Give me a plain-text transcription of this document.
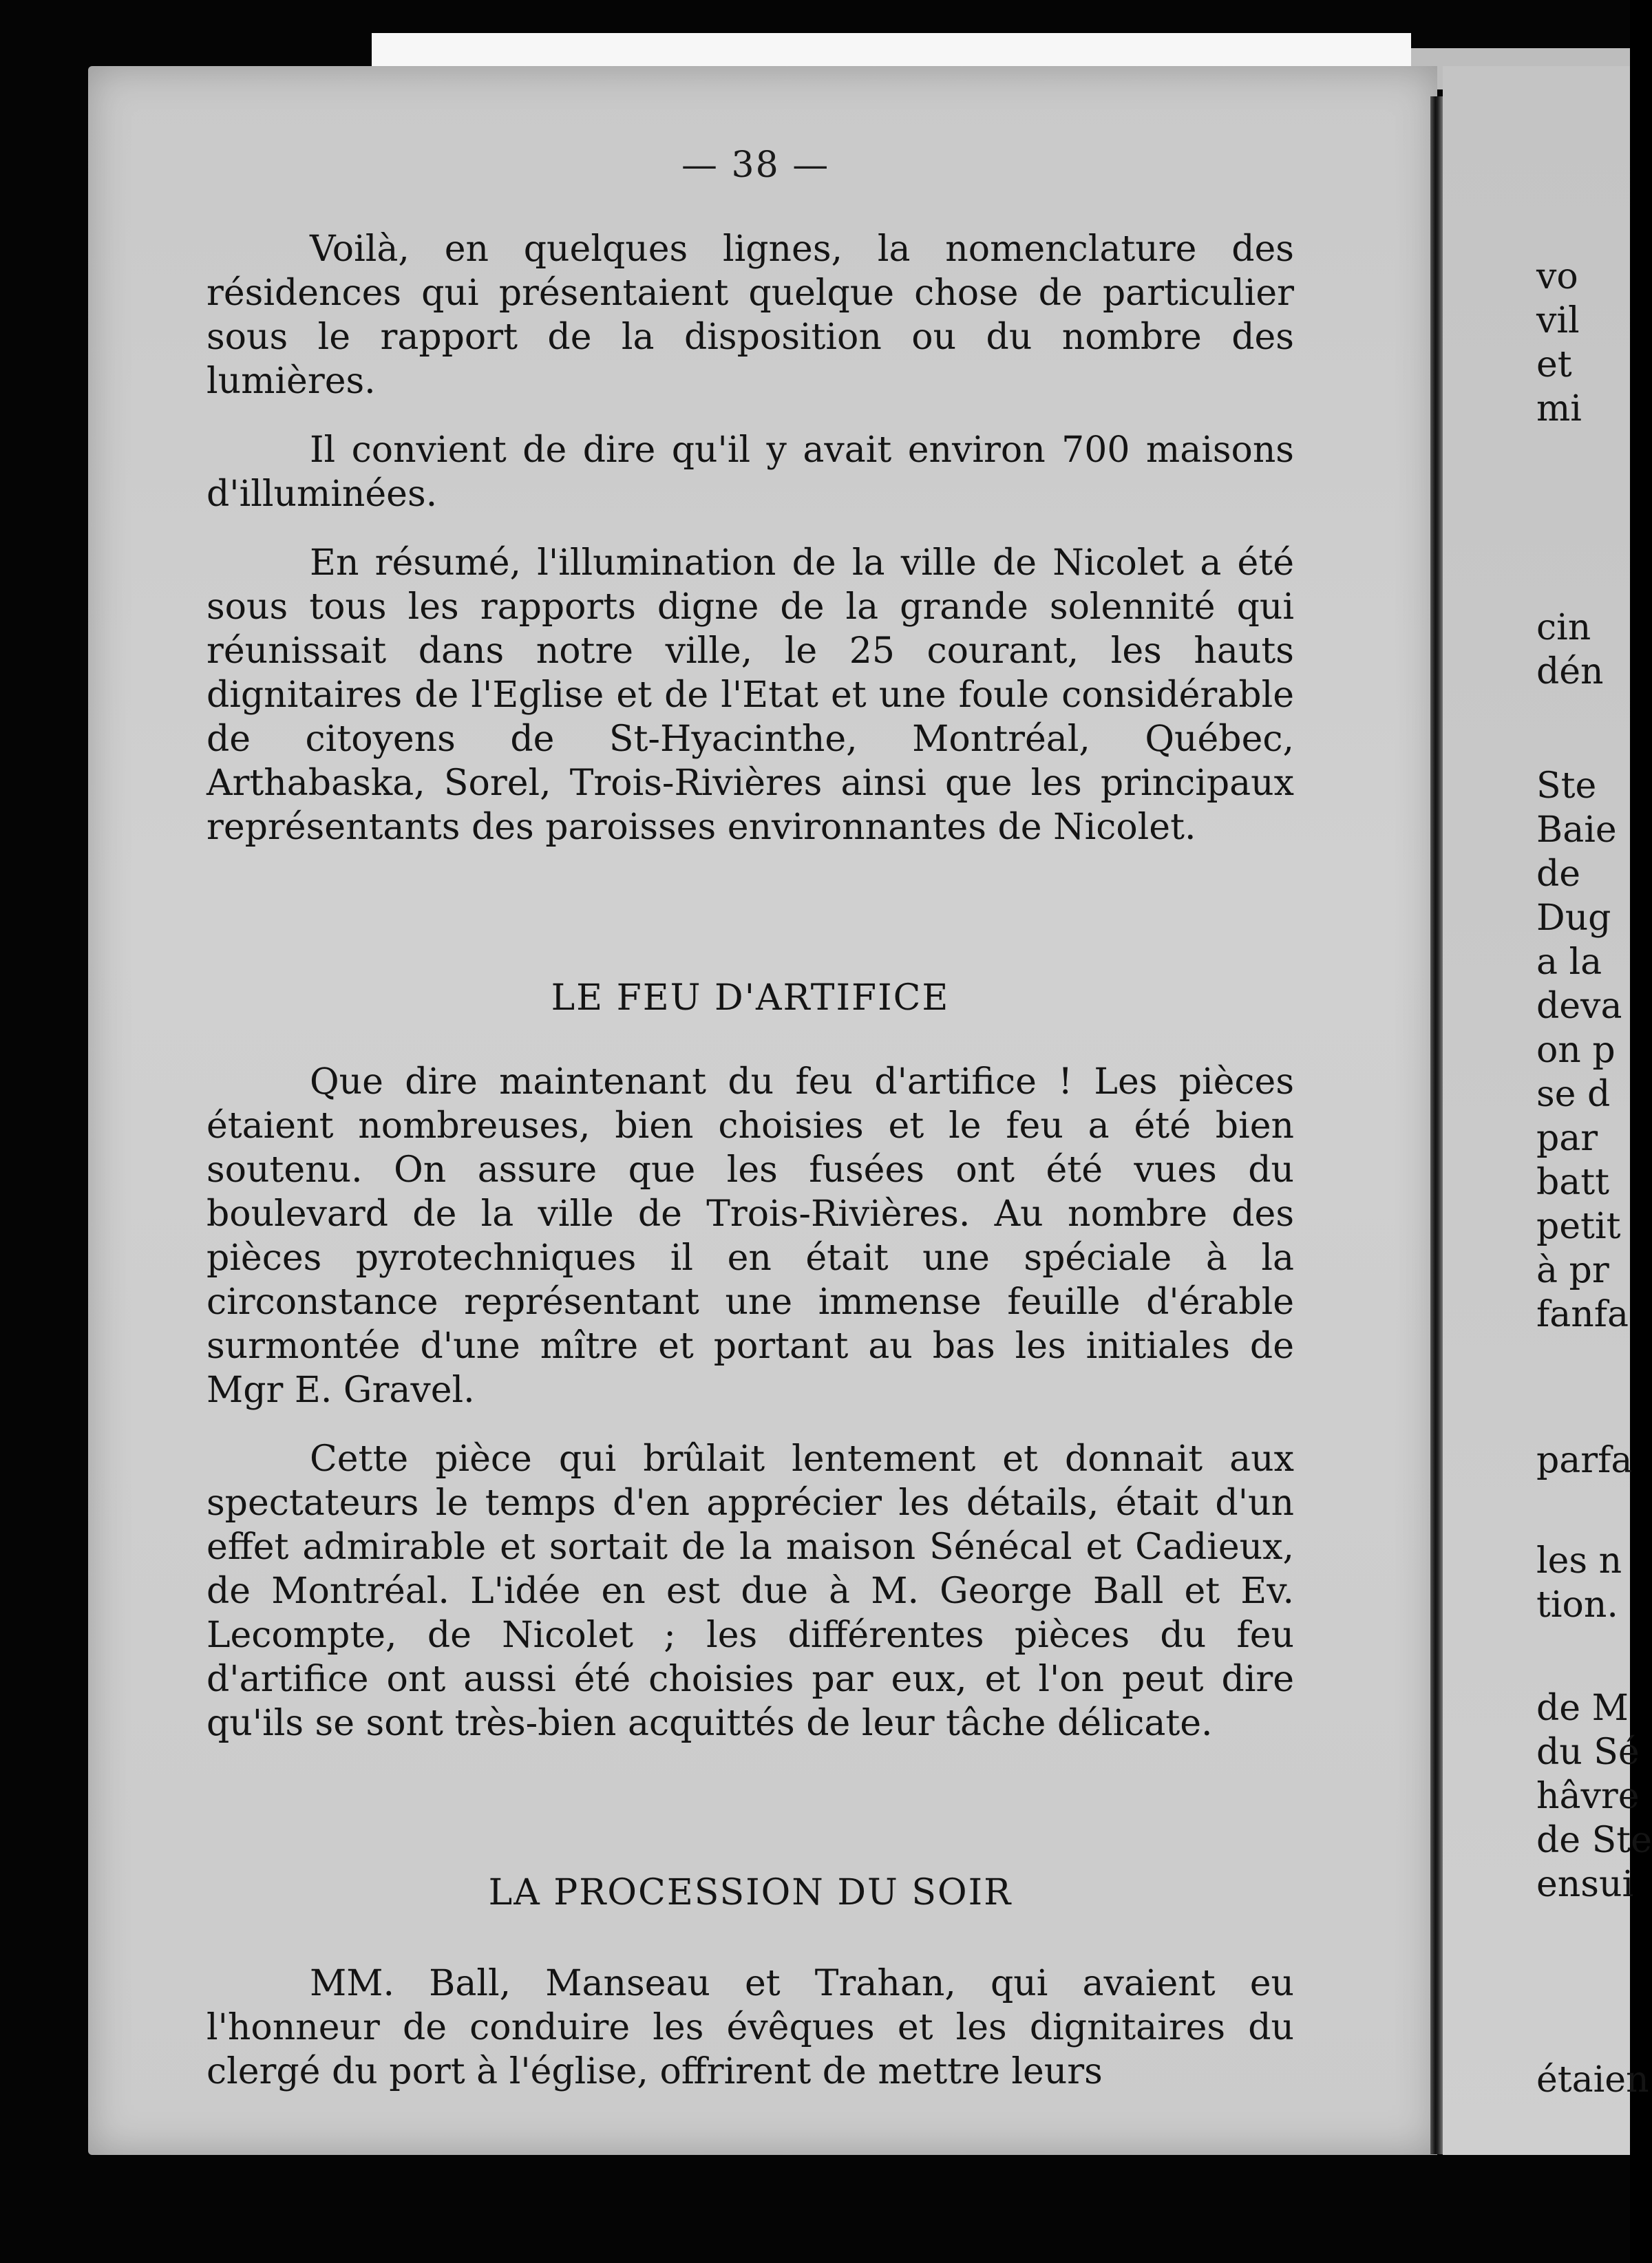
— 38 —

Voilà, en quelques lignes, la nomenclature des résidences qui présentaient quelque chose de particulier sous le rapport de la disposition ou du nombre des lumières.

Il convient de dire qu'il y avait environ 700 maisons d'illuminées.

En résumé, l'illumination de la ville de Nicolet a été sous tous les rapports digne de la grande solennité qui réunissait dans notre ville, le 25 courant, les hauts dignitaires de l'Eglise et de l'Etat et une foule considérable de citoyens de St-Hyacinthe, Montréal, Québec, Arthabaska, Sorel, Trois-Rivières ainsi que les principaux représentants des paroisses environnantes de Nicolet.

LE FEU D'ARTIFICE

Que dire maintenant du feu d'artifice ! Les pièces étaient nombreuses, bien choisies et le feu a été bien soutenu. On assure que les fusées ont été vues du boulevard de la ville de Trois-Rivières. Au nombre des pièces pyrotechniques il en était une spéciale à la circonstance représentant une immense feuille d'érable surmontée d'une mître et portant au bas les initiales de Mgr E. Gravel.

Cette pièce qui brûlait lentement et donnait aux spectateurs le temps d'en apprécier les détails, était d'un effet admirable et sortait de la maison Sénécal et Cadieux, de Montréal. L'idée en est due à M. George Ball et Ev. Lecompte, de Nicolet ; les différentes pièces du feu d'artifice ont aussi été choisies par eux, et l'on peut dire qu'ils se sont très-bien acquittés de leur tâche délicate.

LA PROCESSION DU SOIR

MM. Ball, Manseau et Trahan, qui avaient eu l'honneur de conduire les évêques et les dignitaires du clergé du port à l'église, offrirent de mettre leurs

vo
vil
et
mi
cin
dén
Ste
Baie
de
Dug
a la
deva
on p
se d
par
batt
petit
à pr
fanfa
parfa
les n
tion.
de M
du Sé
hâvre
de Ste
ensui
étaien
